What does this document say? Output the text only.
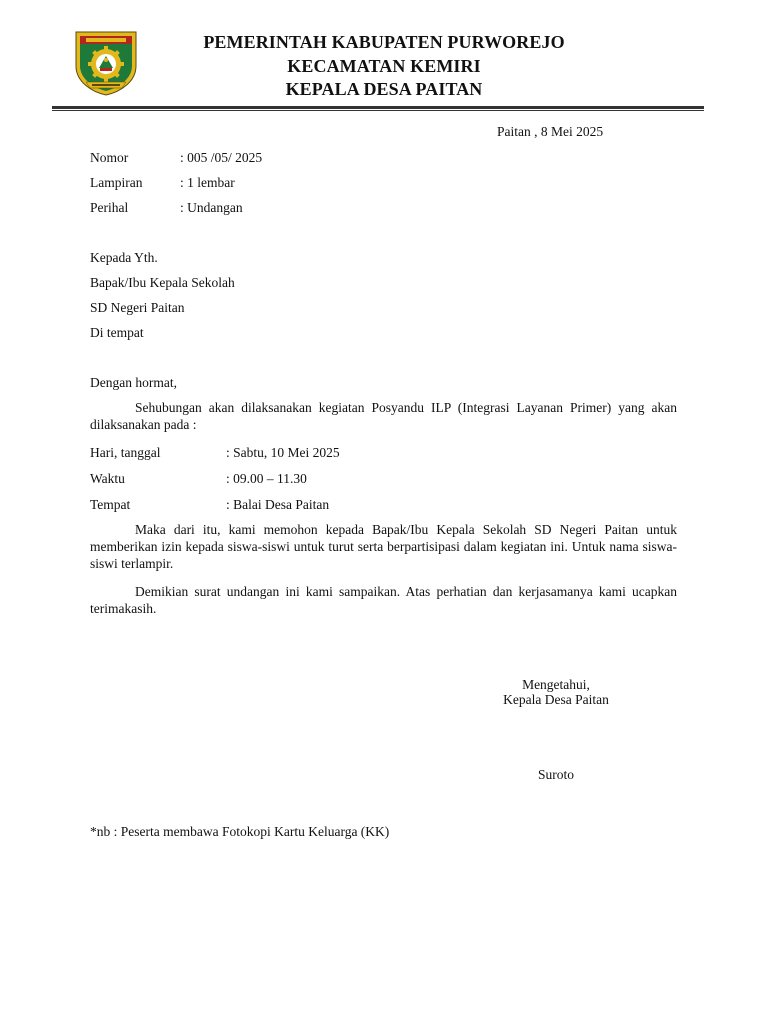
PEMERINTAH KABUPATEN PURWOREJO
KECAMATAN KEMIRI
KEPALA DESA PAITAN
Paitan , 8 Mei 2025
Nomor	: 005 /05/ 2025
Lampiran	: 1 lembar
Perihal	: Undangan
Kepada Yth.
Bapak/Ibu Kepala Sekolah
SD Negeri Paitan
Di tempat
Dengan hormat,
Sehubungan akan dilaksanakan kegiatan Posyandu ILP (Integrasi Layanan Primer) yang akan dilaksanakan pada :
Hari, tanggal	: Sabtu, 10 Mei 2025
Waktu	: 09.00 – 11.30
Tempat	: Balai Desa Paitan
Maka dari itu, kami memohon kepada Bapak/Ibu Kepala Sekolah SD Negeri Paitan untuk memberikan izin kepada siswa-siswi untuk turut serta berpartisipasi dalam kegiatan ini. Untuk nama siswa-siswi terlampir.
Demikian surat undangan ini kami sampaikan. Atas perhatian dan kerjasamanya kami ucapkan terimakasih.
Mengetahui,
Kepala Desa Paitan
Suroto
*nb : Peserta membawa Fotokopi Kartu Keluarga (KK)
